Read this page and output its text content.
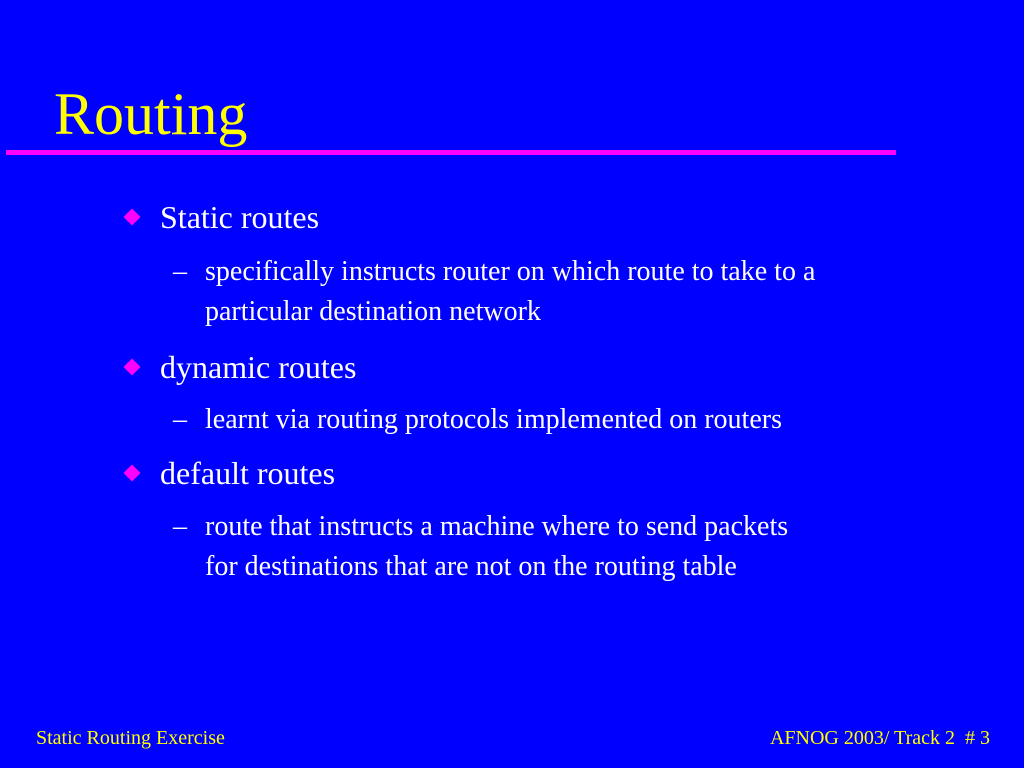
Routing
Static routes
– specifically instructs router on which route to take to a
particular destination network
dynamic routes
– learnt via routing protocols implemented on routers
default routes
– route that instructs a machine where to send packets
for destinations that are not on the routing table
Static Routing Exercise	AFNOG 2003/ Track 2  # 3
